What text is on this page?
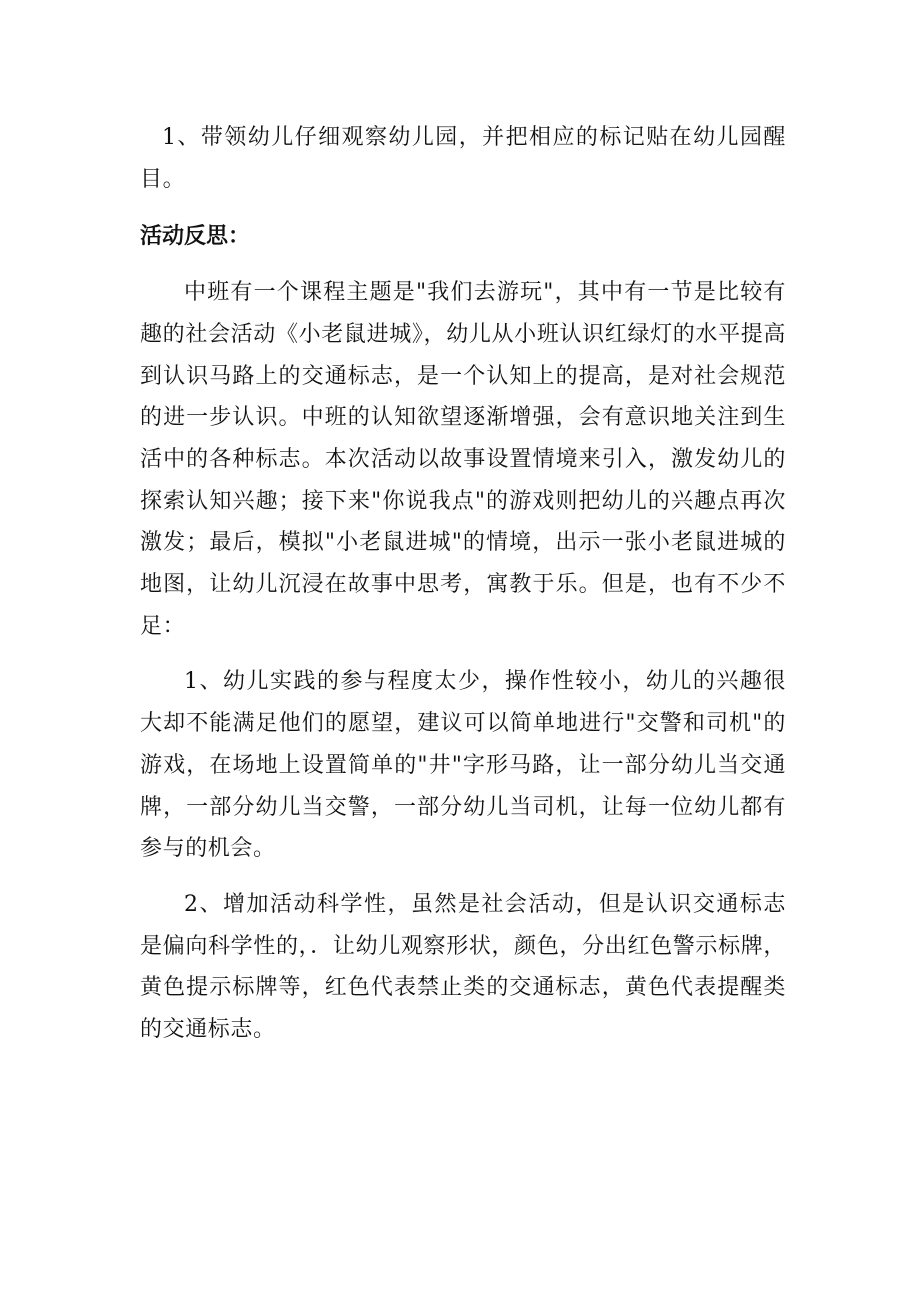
1、带领幼儿仔细观察幼儿园，并把相应的标记贴在幼儿园醒目。

活动反思：

中班有一个课程主题是"我们去游玩"，其中有一节是比较有趣的社会活动《小老鼠进城》，幼儿从小班认识红绿灯的水平提高到认识马路上的交通标志，是一个认知上的提高，是对社会规范的进一步认识。中班的认知欲望逐渐增强，会有意识地关注到生活中的各种标志。本次活动以故事设置情境来引入，激发幼儿的探索认知兴趣；接下来"你说我点"的游戏则把幼儿的兴趣点再次激发；最后，模拟"小老鼠进城"的情境，出示一张小老鼠进城的地图，让幼儿沉浸在故事中思考，寓教于乐。但是，也有不少不足：

1、幼儿实践的参与程度太少，操作性较小，幼儿的兴趣很大却不能满足他们的愿望，建议可以简单地进行"交警和司机"的游戏，在场地上设置简单的"井"字形马路，让一部分幼儿当交通牌，一部分幼儿当交警，一部分幼儿当司机，让每一位幼儿都有参与的机会。

2、增加活动科学性，虽然是社会活动，但是认识交通标志是偏向科学性的，．让幼儿观察形状，颜色，分出红色警示标牌，黄色提示标牌等，红色代表禁止类的交通标志，黄色代表提醒类的交通标志。
